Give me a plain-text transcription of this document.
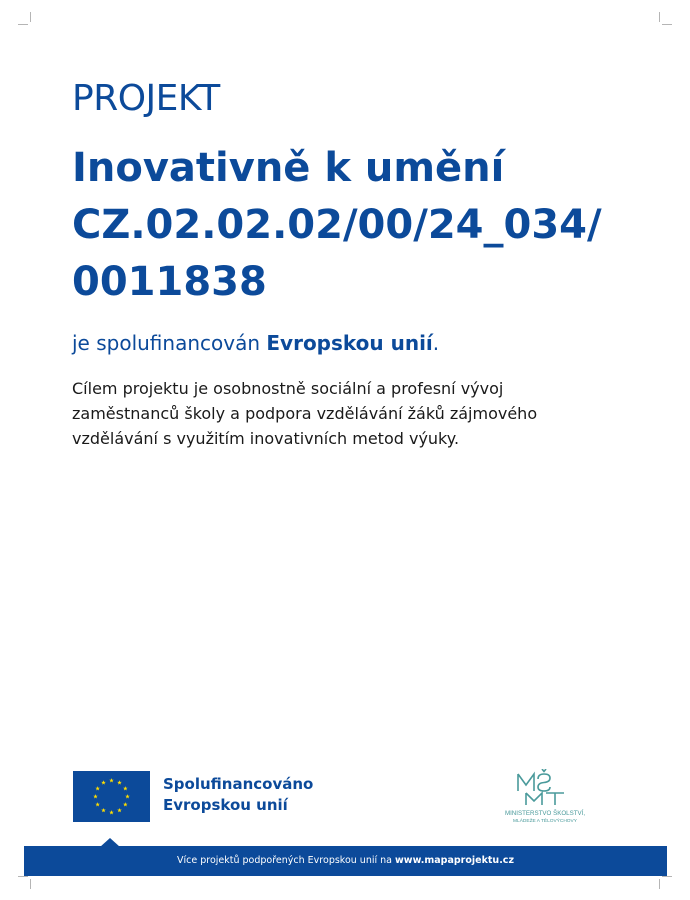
PROJEKT
Inovativně k umění
CZ.02.02.02/00/24_034/
0011838

je spolufinancován Evropskou unií.

Cílem projektu je osobnostně sociální a profesní vývoj zaměstnanců školy a podpora vzdělávání žáků zájmového vzdělávání s využitím inovativních metod výuky.

Spolufinancováno
Evropskou unií	MINISTERSTVO ŠKOLSTVÍ,
MLÁDEŽE A TĚLOVÝCHOVY
Více projektů podpořených Evropskou unií na www.mapaprojektu.cz
